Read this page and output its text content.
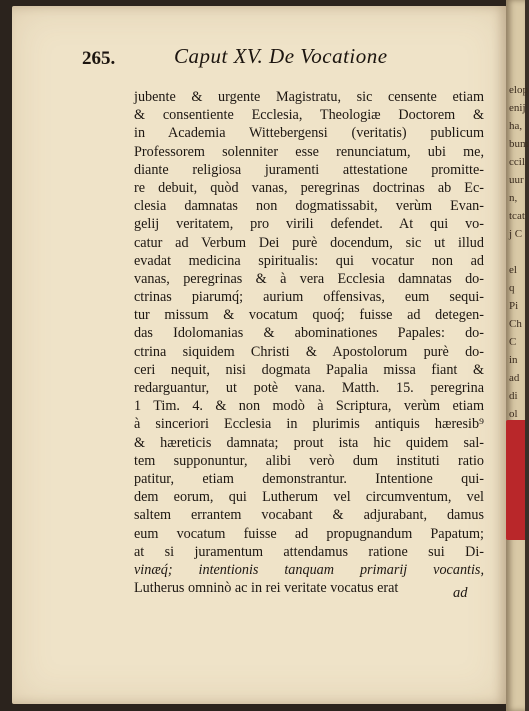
elop
enij
ha,
bum
ccil
uur
n,
tcat
j C
el
q
Pi
Ch
C
in
ad
di
ol
265.	Caput XV. De Vocatione
jubente & urgente Magistratu, sic censente etiam
& consentiente Ecclesia, Theologiæ Doctorem &
in Academia Wittebergensi (veritatis) publicum
Professorem solenniter esse renunciatum, ubi me,
diante religiosa juramenti attestatione promitte-
re debuit, quòd vanas, peregrinas doctrinas ab Ec-
clesia damnatas non dogmatissabit, verùm Evan-
gelij veritatem, pro virili defendet. At qui vo-
catur ad Verbum Dei purè docendum, sic ut illud
evadat medicina spiritualis: qui vocatur non ad
vanas, peregrinas & à vera Ecclesia damnatas do-
ctrinas piarumq́; aurium offensivas, eum sequi-
tur missum & vocatum quoq́; fuisse ad detegen-
das Idolomanias & abominationes Papales: do-
ctrina siquidem Christi & Apostolorum purè do-
ceri nequit, nisi dogmata Papalia missa fiant &
redarguantur, ut potè vana. Matth. 15. peregrina
1 Tim. 4. & non modò à Scriptura, verùm etiam
à sinceriori Ecclesia in plurimis antiquis hæresib⁹
& hæreticis damnata; prout ista hic quidem sal-
tem supponuntur, alibi verò dum instituti ratio
patitur, etiam demonstrantur. Intentione qui-
dem eorum, qui Lutherum vel circumventum, vel
saltem errantem vocabant & adjurabant, damus
eum vocatum fuisse ad propugnandum Papatum;
at si juramentum attendamus ratione sui Di-
vinæq́; intentionis tanquam primarij vocantis,
Lutherus omninò ac in rei veritate vocatus erat	ad
